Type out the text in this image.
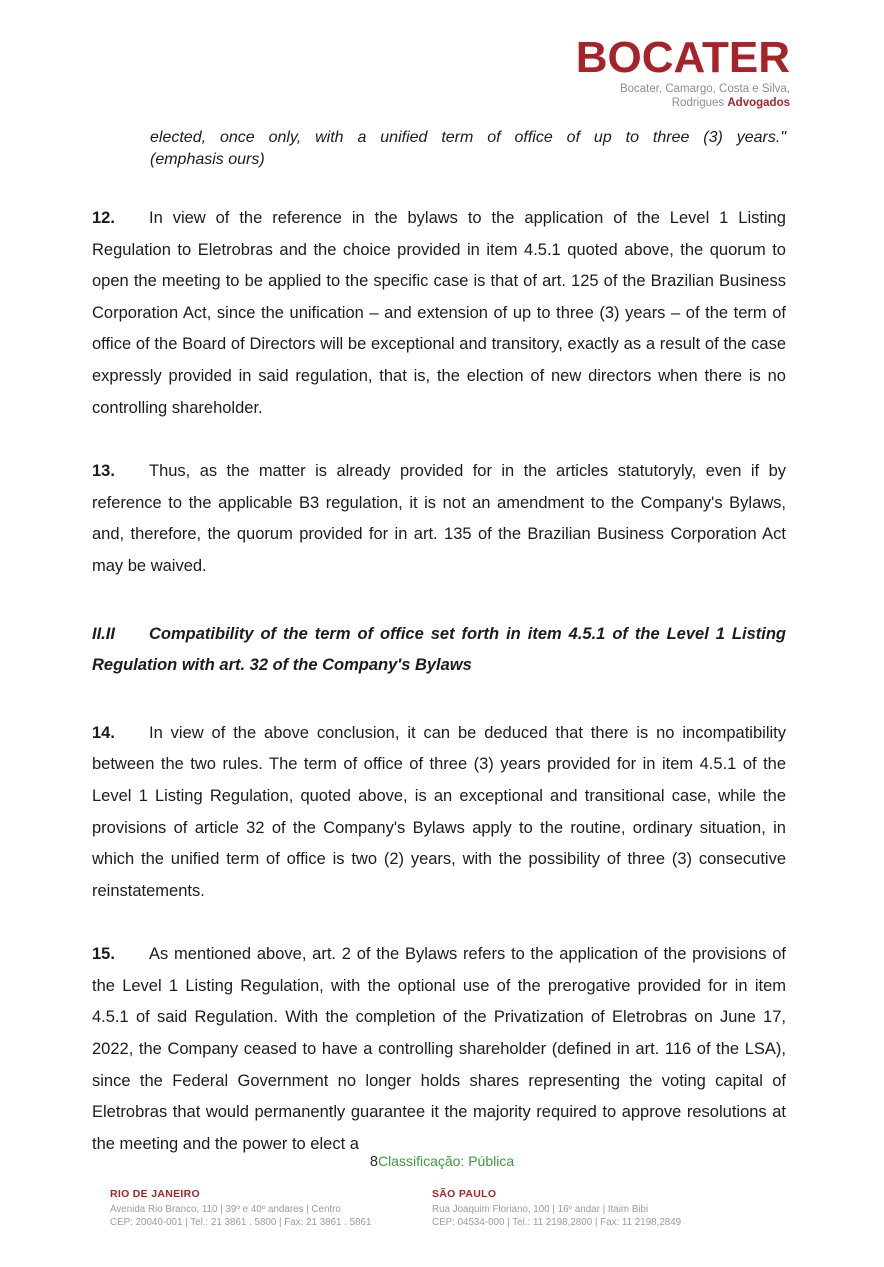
BOCATER
Bocater, Camargo, Costa e Silva,
Rodrigues Advogados
elected, once only, with a unified term of office of up to three (3) years."
(emphasis ours)
12. In view of the reference in the bylaws to the application of the Level 1 Listing Regulation to Eletrobras and the choice provided in item 4.5.1 quoted above, the quorum to open the meeting to be applied to the specific case is that of art. 125 of the Brazilian Business Corporation Act, since the unification – and extension of up to three (3) years – of the term of office of the Board of Directors will be exceptional and transitory, exactly as a result of the case expressly provided in said regulation, that is, the election of new directors when there is no controlling shareholder.
13. Thus, as the matter is already provided for in the articles statutoryly, even if by reference to the applicable B3 regulation, it is not an amendment to the Company's Bylaws, and, therefore, the quorum provided for in art. 135 of the Brazilian Business Corporation Act may be waived.
II.II Compatibility of the term of office set forth in item 4.5.1 of the Level 1 Listing Regulation with art. 32 of the Company's Bylaws
14. In view of the above conclusion, it can be deduced that there is no incompatibility between the two rules. The term of office of three (3) years provided for in item 4.5.1 of the Level 1 Listing Regulation, quoted above, is an exceptional and transitional case, while the provisions of article 32 of the Company's Bylaws apply to the routine, ordinary situation, in which the unified term of office is two (2) years, with the possibility of three (3) consecutive reinstatements.
15. As mentioned above, art. 2 of the Bylaws refers to the application of the provisions of the Level 1 Listing Regulation, with the optional use of the prerogative provided for in item 4.5.1 of said Regulation. With the completion of the Privatization of Eletrobras on June 17, 2022, the Company ceased to have a controlling shareholder (defined in art. 116 of the LSA), since the Federal Government no longer holds shares representing the voting capital of Eletrobras that would permanently guarantee it the majority required to approve resolutions at the meeting and the power to elect a
8Classificação: Pública
RIO DE JANEIRO
Avenida Rio Branco, 110 | 39º e 40º andares | Centro
CEP: 20040-001 | Tel.: 21 3861 . 5800 | Fax: 21 3861 . 5861
SÃO PAULO
Rua Joaquim Floriano, 100 | 16º andar | Itaim Bibi
CEP: 04534-000 | Tel.: 11 2198,2800 | Fax: 11 2198,2849
